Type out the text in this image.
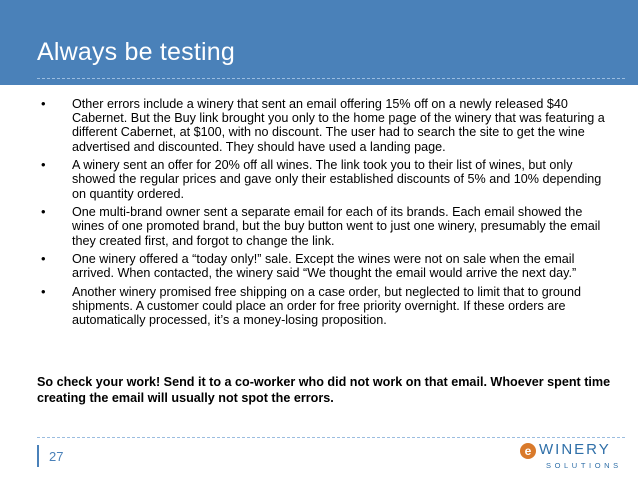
Always be testing
• Other errors include a winery that sent an email offering 15% off on a newly released $40 Cabernet. But the Buy link brought you only to the home page of the winery that was featuring a different Cabernet, at $100, with no discount. The user had to search the site to get the wine advertised and discounted. They should have used a landing page.
• A winery sent an offer for 20% off all wines. The link took you to their list of wines, but only showed the regular prices and gave only their established discounts of 5% and 10% depending on quantity ordered.
• One multi-brand owner sent a separate email for each of its brands. Each email showed the wines of one promoted brand, but the buy button went to just one winery, presumably the email they created first, and forgot to change the link.
• One winery offered a “today only!” sale. Except the wines were not on sale when the email arrived. When contacted, the winery said “We thought the email would arrive the next day.”
• Another winery promised free shipping on a case order, but neglected to limit that to ground shipments. A customer could place an order for free priority overnight. If these orders are automatically processed, it’s a money-losing proposition.
So check your work! Send it to a co-worker who did not work on that email. Whoever spent time creating the email will usually not spot the errors.
27	e WINERY
SOLUTIONS
